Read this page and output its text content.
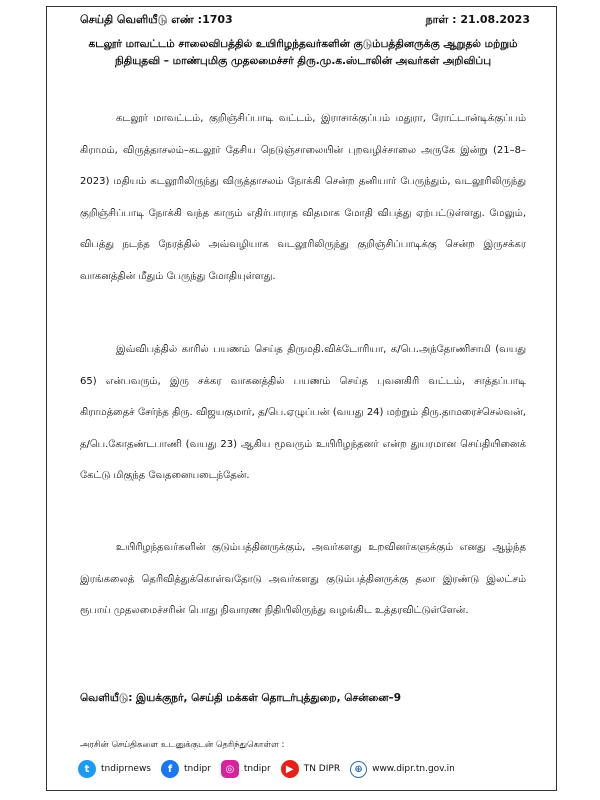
செய்தி வெளியீடு எண் :1703	நாள் : 21.08.2023
கடலூர் மாவட்டம் சாலைவிபத்தில் உயிரிழந்தவர்களின் குடும்பத்தினருக்கு ஆறுதல் மற்றும் நிதியுதவி – மாண்புமிகு முதலமைச்சர் திரு.மு.க.ஸ்டாலின் அவர்கள் அறிவிப்பு

கடலூர் மாவட்டம், குறிஞ்சிப்பாடி வட்டம், இராசாக்குப்பம் மதுரா, ரோட்டான்டிக்குப்பம் கிராமம், விருத்தாசலம்–கடலூர் தேசிய நெடுஞ்சாலையின் புறவழிச்சாலை அருகே இன்று (21–8–2023) மதியம் கடலூரிலிருந்து விருத்தாசலம் நோக்கி சென்ற தனியார் பேருந்தும், வடலூரிலிருந்து குறிஞ்சிப்பாடி நோக்கி வந்த காரும் எதிர்பாராத விதமாக மோதி விபத்து ஏற்பட்டுள்ளது. மேலும், விபத்து நடந்த நேரத்தில் அவ்வழியாக வடலூரிலிருந்து குறிஞ்சிப்பாடிக்கு சென்ற இருசக்கர வாகனத்தின் மீதும் பேருந்து மோதியுள்ளது.

இவ்விபத்தில் காரில் பயணம் செய்த திருமதி.விக்டோரியா, க/பெ.அந்தோணிசாமி (வயது 65) என்பவரும், இரு சக்கர வாகனத்தில் பயணம் செய்த புவனகிரி வட்டம், சாத்தப்பாடி கிராமத்தைச் சேர்ந்த திரு. விஜயகுமார், த/பெ.ஏழுப்பன் (வயது 24) மற்றும் திரு.தாமரைச்செல்வன், த/பெ.கோதண்டபாணி (வயது 23) ஆகிய மூவரும் உயிரிழந்தனர் என்ற துயரமான செய்தியினைக் கேட்டு மிகுந்த வேதனையடைந்தேன்.

உயிரிழந்தவர்களின் குடும்பத்தினருக்கும், அவர்களது உறவினர்களுக்கும் எனது ஆழ்ந்த இரங்கலைத் தெரிவித்துக்கொள்வதோடு அவர்களது குடும்பத்தினருக்கு தலா இரண்டு இலட்சம் ரூபாய் முதலமைச்சரின் பொது நிவாரண நிதியிலிருந்து வழங்கிட உத்தரவிட்டுள்ளேன்.

வெளியீடு: இயக்குநர், செய்தி மக்கள் தொடர்புத்துறை, சென்னை–9
அரசின் செய்திகளை உடனுக்குடன் தெரிந்துகொள்ள :
t	tndiprnews	f	tndipr	◎	tndipr	▶	TN DIPR	⊕	www.dipr.tn.gov.in
